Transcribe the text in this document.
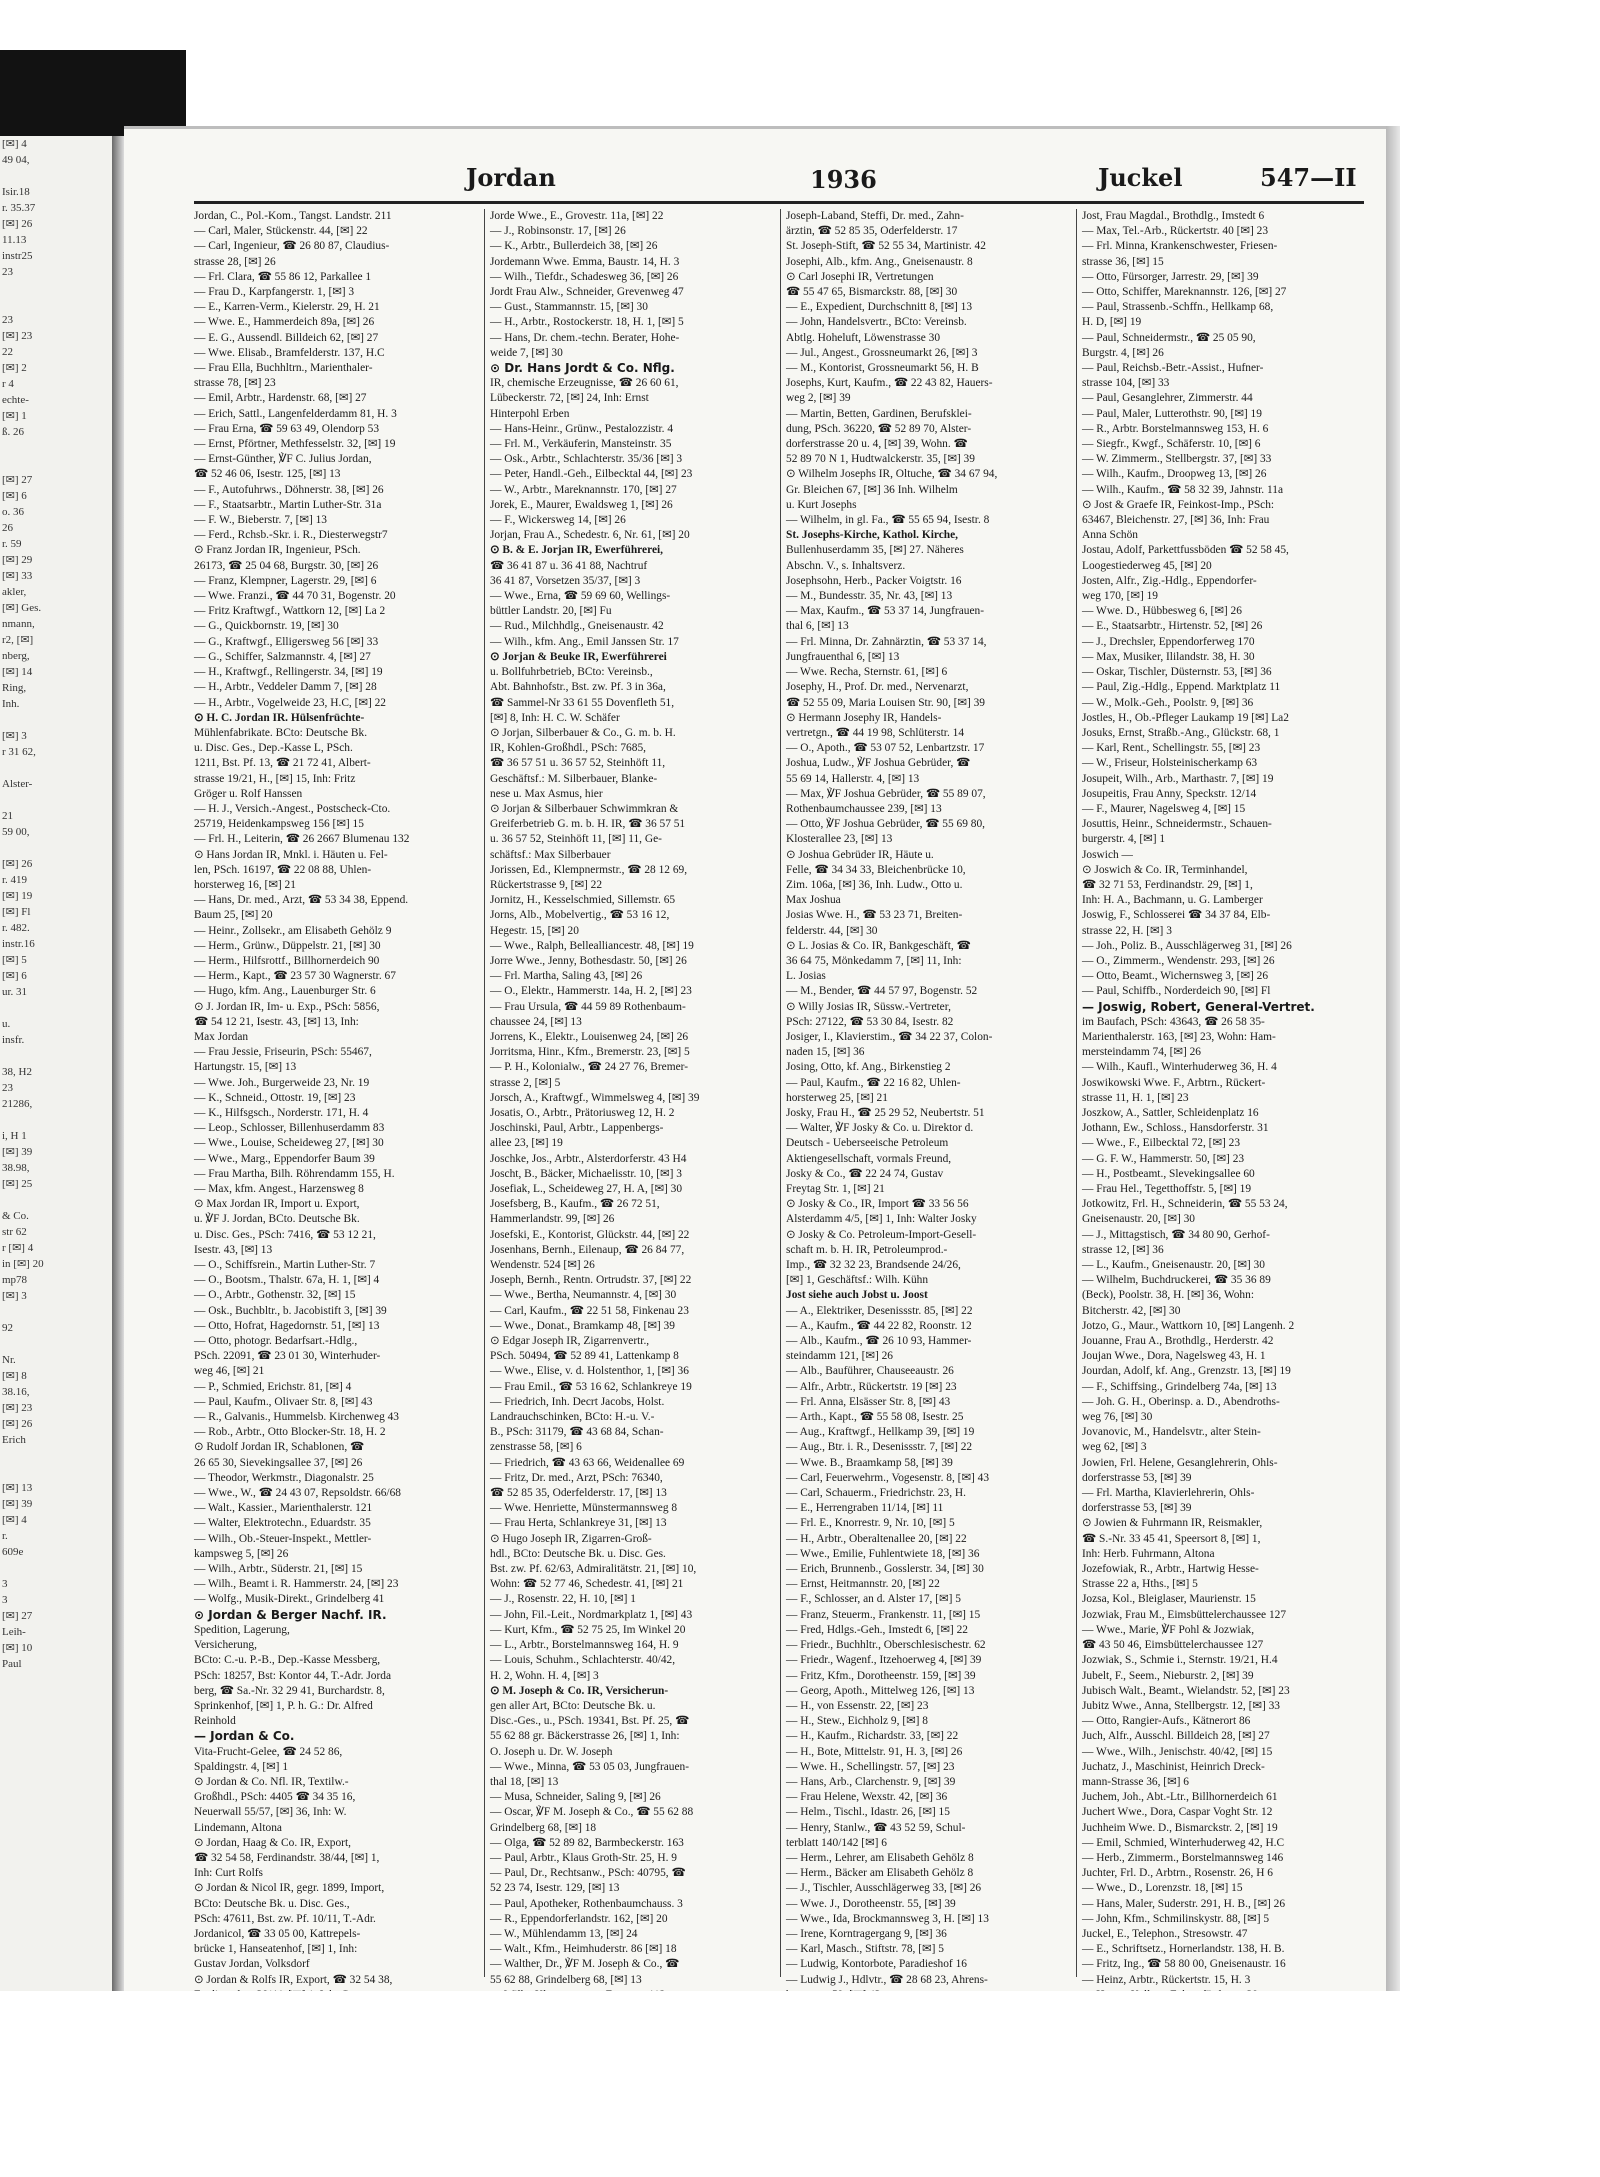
[✉] 4
49 04,

Isir.18
r. 35.37
[✉] 26
11.13
instr25
23

23
[✉] 23
22
[✉] 2
r 4
echte-
[✉] 1
ß. 26

[✉] 27
[✉] 6
o. 36
26
r. 59
[✉] 29
[✉] 33
akler,
[✉] Ges.
nmann,
r2, [✉]
nberg,
[✉] 14
Ring,
Inh.

[✉] 3
r 31 62,

Alster-

21
59 00,

[✉] 26
r. 419
[✉] 19
[✉] Fl
r. 482.
instr.16
[✉] 5
[✉] 6
ur. 31

u.
insfr.

38, H2
23
21286,

i, H 1
[✉] 39
38.98,
[✉] 25

& Co.
str 62
r [✉] 4
in [✉] 20
mp78
[✉] 3

92

Nr.
[✉] 8
38.16,
[✉] 23
[✉] 26
Erich

[✉] 13
[✉] 39
[✉] 4
r.
609e

3
3
[✉] 27
Leih-
[✉] 10
Paul
Jordan	1936	Juckel	547—II
Jordan, C., Pol.-Kom., Tangst. Landstr. 211
— Carl, Maler, Stückenstr. 44, [✉] 22
— Carl, Ingenieur, ☎ 26 80 87, Claudius-
strasse 28, [✉] 26
— Frl. Clara, ☎ 55 86 12, Parkallee 1
— Frau D., Karpfangerstr. 1, [✉] 3
— E., Karren-Verm., Kielerstr. 29, H. 21
— Wwe. E., Hammerdeich 89a, [✉] 26
— E. G., Aussendl. Billdeich 62, [✉] 27
— Wwe. Elisab., Bramfelderstr. 137, H.C
— Frau Ella, Buchhltrn., Marienthaler-
strasse 78, [✉] 23
— Emil, Arbtr., Hardenstr. 68, [✉] 27
— Erich, Sattl., Langenfelderdamm 81, H. 3
— Frau Erna, ☎ 59 63 49, Olendorp 53
— Ernst, Pförtner, Methfesselstr. 32, [✉] 19
— Ernst-Günther, ℣F C. Julius Jordan,
☎ 52 46 06, Isestr. 125, [✉] 13
— F., Autofuhrws., Döhnerstr. 38, [✉] 26
— F., Staatsarbtr., Martin Luther-Str. 31a
— F. W., Bieberstr. 7, [✉] 13
— Ferd., Rchsb.-Skr. i. R., Diesterwegstr7
⊙ Franz Jordan IR, Ingenieur, PSch.
26173, ☎ 25 04 68, Burgstr. 30, [✉] 26
— Franz, Klempner, Lagerstr. 29, [✉] 6
— Wwe. Franzi., ☎ 44 70 31, Bogenstr. 20
— Fritz Kraftwgf., Wattkorn 12, [✉] La 2
— G., Quickbornstr. 19, [✉] 30
— G., Kraftwgf., Elligersweg 56 [✉] 33
— G., Schiffer, Salzmannstr. 4, [✉] 27
— H., Kraftwgf., Rellingerstr. 34, [✉] 19
— H., Arbtr., Veddeler Damm 7, [✉] 28
— H., Arbtr., Vogelweide 23, H.C, [✉] 22
⊙ H. C. Jordan IR. Hülsenfrüchte-
Mühlenfabrikate. BCto: Deutsche Bk.
u. Disc. Ges., Dep.-Kasse L, PSch.
1211, Bst. Pf. 13, ☎ 21 72 41, Albert-
strasse 19/21, H., [✉] 15, Inh: Fritz
Gröger u. Rolf Hanssen
— H. J., Versich.-Angest., Postscheck-Cto.
25719, Heidenkampsweg 156 [✉] 15
— Frl. H., Leiterin, ☎ 26 2667 Blumenau 132
⊙ Hans Jordan IR, Mnkl. i. Häuten u. Fel-
len, PSch. 16197, ☎ 22 08 88, Uhlen-
horsterweg 16, [✉] 21
— Hans, Dr. med., Arzt, ☎ 53 34 38, Eppend.
Baum 25, [✉] 20
— Heinr., Zollsekr., am Elisabeth Gehölz 9
— Herm., Grünw., Düppelstr. 21, [✉] 30
— Herm., Hilfsrottf., Billhornerdeich 90
— Herm., Kapt., ☎ 23 57 30 Wagnerstr. 67
— Hugo, kfm. Ang., Lauenburger Str. 6
⊙ J. Jordan IR, Im- u. Exp., PSch: 5856,
☎ 54 12 21, Isestr. 43, [✉] 13, Inh:
Max Jordan
— Frau Jessie, Friseurin, PSch: 55467,
Hartungstr. 15, [✉] 13
— Wwe. Joh., Burgerweide 23, Nr. 19
— K., Schneid., Ottostr. 19, [✉] 23
— K., Hilfsgsch., Norderstr. 171, H. 4
— Leop., Schlosser, Billenhuserdamm 83
— Wwe., Louise, Scheideweg 27, [✉] 30
— Wwe., Marg., Eppendorfer Baum 39
— Frau Martha, Bilh. Röhrendamm 155, H.
— Max, kfm. Angest., Harzensweg 8
⊙ Max Jordan IR, Import u. Export,
u. ℣F J. Jordan, BCto. Deutsche Bk.
u. Disc. Ges., PSch: 7416, ☎ 53 12 21,
Isestr. 43, [✉] 13
— O., Schiffsrein., Martin Luther-Str. 7
— O., Bootsm., Thalstr. 67a, H. 1, [✉] 4
— O., Arbtr., Gothenstr. 32, [✉] 15
— Osk., Buchbltr., b. Jacobistift 3, [✉] 39
— Otto, Hofrat, Hagedornstr. 51, [✉] 13
— Otto, photogr. Bedarfsart.-Hdlg.,
PSch. 22091, ☎ 23 01 30, Winterhuder-
weg 46, [✉] 21
— P., Schmied, Erichstr. 81, [✉] 4
— Paul, Kaufm., Olivaer Str. 8, [✉] 43
— R., Galvanis., Hummelsb. Kirchenweg 43
— Rob., Arbtr., Otto Blocker-Str. 18, H. 2
⊙ Rudolf Jordan IR, Schablonen, ☎
26 65 30, Sievekingsallee 37, [✉] 26
— Theodor, Werkmstr., Diagonalstr. 25
— Wwe., W., ☎ 24 43 07, Repsoldstr. 66/68
— Walt., Kassier., Marienthalerstr. 121
— Walter, Elektrotechn., Eduardstr. 35
— Wilh., Ob.-Steuer-Inspekt., Mettler-
kampsweg 5, [✉] 26
— Wilh., Arbtr., Süderstr. 21, [✉] 15
— Wilh., Beamt i. R. Hammerstr. 24, [✉] 23
— Wolfg., Musik-Direkt., Grindelberg 41
⊙ Jordan & Berger Nachf. IR.
Spedition, Lagerung,
Versicherung,
BCto: C.-u. P.-B., Dep.-Kasse Messberg,
PSch: 18257, Bst: Kontor 44, T.-Adr. Jorda
berg, ☎ Sa.-Nr. 32 29 41, Burchardstr. 8,
Sprinkenhof, [✉] 1, P. h. G.: Dr. Alfred
Reinhold
— Jordan & Co.
Vita-Frucht-Gelee, ☎ 24 52 86,
Spaldingstr. 4, [✉] 1
⊙ Jordan & Co. Nfl. IR, Textilw.-
Großhdl., PSch: 4405 ☎ 34 35 16,
Neuerwall 55/57, [✉] 36, Inh: W.
Lindemann, Altona
⊙ Jordan, Haag & Co. IR, Export,
☎ 32 54 58, Ferdinandstr. 38/44, [✉] 1,
Inh: Curt Rolfs
⊙ Jordan & Nicol IR, gegr. 1899, Import,
BCto: Deutsche Bk. u. Disc. Ges.,
PSch: 47611, Bst. zw. Pf. 10/11, T.-Adr.
Jordanicol, ☎ 33 05 00, Kattrepels-
brücke 1, Hanseatenhof, [✉] 1, Inh:
Gustav Jordan, Volksdorf
⊙ Jordan & Rolfs IR, Export, ☎ 32 54 38,
Jorde Wwe., E., Grovestr. 11a, [✉] 22
— J., Robinsonstr. 17, [✉] 26
— K., Arbtr., Bullerdeich 38, [✉] 26
Jordemann Wwe. Emma, Baustr. 14, H. 3
— Wilh., Tiefdr., Schadesweg 36, [✉] 26
Jordt Frau Alw., Schneider, Grevenweg 47
— Gust., Stammannstr. 15, [✉] 30
— H., Arbtr., Rostockerstr. 18, H. 1, [✉] 5
— Hans, Dr. chem.-techn. Berater, Hohe-
weide 7, [✉] 30
⊙ Dr. Hans Jordt & Co. Nflg.
IR, chemische Erzeugnisse, ☎ 26 60 61,
Lübeckerstr. 72, [✉] 24, Inh: Ernst
Hinterpohl Erben
— Hans-Heinr., Grünw., Pestalozzistr. 4
— Frl. M., Verkäuferin, Mansteinstr. 35
— Osk., Arbtr., Schlachterstr. 35/36 [✉] 3
— Peter, Handl.-Geh., Eilbecktal 44, [✉] 23
— W., Arbtr., Mareknannstr. 170, [✉] 27
Jorek, E., Maurer, Ewaldsweg 1, [✉] 26
— F., Wickersweg 14, [✉] 26
Jorjan, Frau A., Schedestr. 6, Nr. 61, [✉] 20
⊙ B. & E. Jorjan IR, Ewerführerei,
☎ 36 41 87 u. 36 41 88, Nachtruf
36 41 87, Vorsetzen 35/37, [✉] 3
— Wwe., Erna, ☎ 59 69 60, Wellings-
büttler Landstr. 20, [✉] Fu
— Rud., Milchhdlg., Gneisenaustr. 42
— Wilh., kfm. Ang., Emil Janssen Str. 17
⊙ Jorjan & Beuke IR, Ewerführerei
u. Bollfuhrbetrieb, BCto: Vereinsb.,
Abt. Bahnhofstr., Bst. zw. Pf. 3 in 36a,
☎ Sammel-Nr 33 61 55 Dovenfleth 51,
[✉] 8, Inh: H. C. W. Schäfer
⊙ Jorjan, Silberbauer & Co., G. m. b. H.
IR, Kohlen-Großhdl., PSch: 7685,
☎ 36 57 51 u. 36 57 52, Steinhöft 11,
Geschäftsf.: M. Silberbauer, Blanke-
nese u. Max Asmus, hier
⊙ Jorjan & Silberbauer Schwimmkran &
Greiferbetrieb G. m. b. H. IR, ☎ 36 57 51
u. 36 57 52, Steinhöft 11, [✉] 11, Ge-
schäftsf.: Max Silberbauer
Jorissen, Ed., Klempnermstr., ☎ 28 12 69,
Rückertstrasse 9, [✉] 22
Jornitz, H., Kesselschmied, Sillemstr. 65
Jorns, Alb., Mobelvertig., ☎ 53 16 12,
Hegestr. 15, [✉] 20
— Wwe., Ralph, Bellealliancestr. 48, [✉] 19
Jorre Wwe., Jenny, Bothesdastr. 50, [✉] 26
— Frl. Martha, Saling 43, [✉] 26
— O., Elektr., Hammerstr. 14a, H. 2, [✉] 23
— Frau Ursula, ☎ 44 59 89 Rothenbaum-
chaussee 24, [✉] 13
Jorrens, K., Elektr., Louisenweg 24, [✉] 26
Jorritsma, Hinr., Kfm., Bremerstr. 23, [✉] 5
— P. H., Kolonialw., ☎ 24 27 76, Bremer-
strasse 2, [✉] 5
Jorsch, A., Kraftwgf., Wimmelsweg 4, [✉] 39
Josatis, O., Arbtr., Prätoriusweg 12, H. 2
Joschinski, Paul, Arbtr., Lappenbergs-
allee 23, [✉] 19
Joschke, Jos., Arbtr., Alsterdorferstr. 43 H4
Joscht, B., Bäcker, Michaelisstr. 10, [✉] 3
Josefiak, L., Scheideweg 27, H. A, [✉] 30
Josefsberg, B., Kaufm., ☎ 26 72 51,
Hammerlandstr. 99, [✉] 26
Josefski, E., Kontorist, Glückstr. 44, [✉] 22
Josenhans, Bernh., Eilenaup, ☎ 26 84 77,
Wendenstr. 524 [✉] 26
Joseph, Bernh., Rentn. Ortrudstr. 37, [✉] 22
— Wwe., Bertha, Neumannstr. 4, [✉] 30
— Carl, Kaufm., ☎ 22 51 58, Finkenau 23
— Wwe., Donat., Bramkamp 48, [✉] 39
⊙ Edgar Joseph IR, Zigarrenvertr.,
PSch. 50494, ☎ 52 89 41, Lattenkamp 8
— Wwe., Elise, v. d. Holstenthor, 1, [✉] 36
— Frau Emil., ☎ 53 16 62, Schlankreye 19
— Friedrich, Inh. Decrt Jacobs, Holst.
Landrauchschinken, BCto: H.-u. V.-
B., PSch: 31179, ☎ 43 68 84, Schan-
zenstrasse 58, [✉] 6
— Friedrich, ☎ 43 63 66, Weidenallee 69
— Fritz, Dr. med., Arzt, PSch: 76340,
☎ 52 85 35, Oderfelderstr. 17, [✉] 13
— Wwe. Henriette, Münstermannsweg 8
— Frau Herta, Schlankreye 31, [✉] 13
⊙ Hugo Joseph IR, Zigarren-Groß-
hdl., BCto: Deutsche Bk. u. Disc. Ges.
Bst. zw. Pf. 62/63, Admiralitätstr. 21, [✉] 10,
Wohn: ☎ 52 77 46, Schedestr. 41, [✉] 21
— J., Rosenstr. 22, H. 10, [✉] 1
— John, Fil.-Leit., Nordmarkplatz 1, [✉] 43
— Kurt, Kfm., ☎ 52 75 25, Im Winkel 20
— L., Arbtr., Borstelmannsweg 164, H. 9
— Louis, Schuhm., Schlachterstr. 40/42,
H. 2, Wohn. H. 4, [✉] 3
⊙ M. Joseph & Co. IR, Versicherun-
gen aller Art, BCto: Deutsche Bk. u.
Disc.-Ges., u., PSch. 19341, Bst. Pf. 25, ☎
55 62 88 gr. Bäckerstrasse 26, [✉] 1, Inh:
O. Joseph u. Dr. W. Joseph
— Wwe., Minna, ☎ 53 05 03, Jungfrauen-
thal 18, [✉] 13
— Musa, Schneider, Saling 9, [✉] 26
— Oscar, ℣F M. Joseph & Co., ☎ 55 62 88
Grindelberg 68, [✉] 18
— Olga, ☎ 52 89 82, Barmbeckerstr. 163
— Paul, Arbtr., Klaus Groth-Str. 25, H. 9
— Paul, Dr., Rechtsanw., PSch: 40795, ☎
52 23 74, Isestr. 129, [✉] 13
— Paul, Apotheker, Rothenbaumchauss. 3
— R., Eppendorferlandstr. 162, [✉] 20
— W., Mühlendamm 13, [✉] 24
— Walt., Kfm., Heimhuderstr. 86 [✉] 18
— Walther, Dr., ℣F M. Joseph & Co., ☎
55 62 88, Grindelberg 68, [✉] 13
Joseph-Laband, Steffi, Dr. med., Zahn-
ärztin, ☎ 52 85 35, Oderfelderstr. 17
St. Joseph-Stift, ☎ 52 55 34, Martinistr. 42
Josephi, Alb., kfm. Ang., Gneisenaustr. 8
⊙ Carl Josephi IR, Vertretungen
☎ 55 47 65, Bismarckstr. 88, [✉] 30
— E., Expedient, Durchschnitt 8, [✉] 13
— John, Handelsvertr., BCto: Vereinsb.
Abtlg. Hoheluft, Löwenstrasse 30
— Jul., Angest., Grossneumarkt 26, [✉] 3
— M., Kontorist, Grossneumarkt 56, H. B
Josephs, Kurt, Kaufm., ☎ 22 43 82, Hauers-
weg 2, [✉] 39
— Martin, Betten, Gardinen, Berufsklei-
dung, PSch. 36220, ☎ 52 89 70, Alster-
dorferstrasse 20 u. 4, [✉] 39, Wohn. ☎
52 89 70 N 1, Hudtwalckerstr. 35, [✉] 39
⊙ Wilhelm Josephs IR, Oltuche, ☎ 34 67 94,
Gr. Bleichen 67, [✉] 36 Inh. Wilhelm
u. Kurt Josephs
— Wilhelm, in gl. Fa., ☎ 55 65 94, Isestr. 8
St. Josephs-Kirche, Kathol. Kirche,
Bullenhuserdamm 35, [✉] 27. Näheres
Abschn. V., s. Inhaltsverz.
Josephsohn, Herb., Packer Voigtstr. 16
— M., Bundesstr. 35, Nr. 43, [✉] 13
— Max, Kaufm., ☎ 53 37 14, Jungfrauen-
thal 6, [✉] 13
— Frl. Minna, Dr. Zahnärztin, ☎ 53 37 14,
Jungfrauenthal 6, [✉] 13
— Wwe. Recha, Sternstr. 61, [✉] 6
Josephy, H., Prof. Dr. med., Nervenarzt,
☎ 52 55 09, Maria Louisen Str. 90, [✉] 39
⊙ Hermann Josephy IR, Handels-
vertretgn., ☎ 44 19 98, Schlüterstr. 14
— O., Apoth., ☎ 53 07 52, Lenbartzstr. 17
Joshua, Ludw., ℣F Joshua Gebrüder, ☎
55 69 14, Hallerstr. 4, [✉] 13
— Max, ℣F Joshua Gebrüder, ☎ 55 89 07,
Rothenbaumchaussee 239, [✉] 13
— Otto, ℣F Joshua Gebrüder, ☎ 55 69 80,
Klosterallee 23, [✉] 13
⊙ Joshua Gebrüder IR, Häute u.
Felle, ☎ 34 34 33, Bleichenbrücke 10,
Zim. 106a, [✉] 36, Inh. Ludw., Otto u.
Max Joshua
Josias Wwe. H., ☎ 53 23 71, Breiten-
felderstr. 44, [✉] 30
⊙ L. Josias & Co. IR, Bankgeschäft, ☎
36 64 75, Mönkedamm 7, [✉] 11, Inh:
L. Josias
— M., Bender, ☎ 44 57 97, Bogenstr. 52
⊙ Willy Josias IR, Süssw.-Vertreter,
PSch: 27122, ☎ 53 30 84, Isestr. 82
Josiger, I., Klavierstim., ☎ 34 22 37, Colon-
naden 15, [✉] 36
Josing, Otto, kf. Ang., Birkenstieg 2
— Paul, Kaufm., ☎ 22 16 82, Uhlen-
horsterweg 25, [✉] 21
Josky, Frau H., ☎ 25 29 52, Neubertstr. 51
— Walter, ℣F Josky & Co. u. Direktor d.
Deutsch - Ueberseeische Petroleum
Aktiengesellschaft, vormals Freund,
Josky & Co., ☎ 22 24 74, Gustav
Freytag Str. 1, [✉] 21
⊙ Josky & Co., IR, Import ☎ 33 56 56
Alsterdamm 4/5, [✉] 1, Inh: Walter Josky
⊙ Josky & Co. Petroleum-Import-Gesell-
schaft m. b. H. IR, Petroleumprod.-
Imp., ☎ 32 32 23, Brandsende 24/26,
[✉] 1, Geschäftsf.: Wilh. Kühn
Jost siehe auch Jobst u. Joost
— A., Elektriker, Desenissstr. 85, [✉] 22
— A., Kaufm., ☎ 44 22 82, Roonstr. 12
— Alb., Kaufm., ☎ 26 10 93, Hammer-
steindamm 121, [✉] 26
— Alb., Bauführer, Chauseeaustr. 26
— Alfr., Arbtr., Rückertstr. 19 [✉] 23
— Frl. Anna, Elsässer Str. 8, [✉] 43
— Arth., Kapt., ☎ 55 58 08, Isestr. 25
— Aug., Kraftwgf., Hellkamp 39, [✉] 19
— Aug., Btr. i. R., Desenissstr. 7, [✉] 22
— Wwe. B., Braamkamp 58, [✉] 39
— Carl, Feuerwehrm., Vogesenstr. 8, [✉] 43
— Carl, Schauerm., Friedrichstr. 23, H.
— E., Herrengraben 11/14, [✉] 11
— Frl. E., Knorrestr. 9, Nr. 10, [✉] 5
— H., Arbtr., Oberaltenallee 20, [✉] 22
— Wwe., Emilie, Fuhlentwiete 18, [✉] 36
— Erich, Brunnenb., Gosslerstr. 34, [✉] 30
— Ernst, Heitmannstr. 20, [✉] 22
— F., Schlosser, an d. Alster 17, [✉] 5
— Franz, Steuerm., Frankenstr. 11, [✉] 15
— Fred, Hdlgs.-Geh., Imstedt 6, [✉] 22
— Friedr., Buchhltr., Oberschlesischestr. 62
— Friedr., Wagenf., Itzehoerweg 4, [✉] 39
— Fritz, Kfm., Dorotheenstr. 159, [✉] 39
— Georg, Apoth., Mittelweg 126, [✉] 13
— H., von Essenstr. 22, [✉] 23
— H., Stew., Eichholz 9, [✉] 8
— H., Kaufm., Richardstr. 33, [✉] 22
— H., Bote, Mittelstr. 91, H. 3, [✉] 26
— Wwe. H., Schellingstr. 57, [✉] 23
— Hans, Arb., Clarchenstr. 9, [✉] 39
— Frau Helene, Wexstr. 42, [✉] 36
— Helm., Tischl., Idastr. 26, [✉] 15
— Henry, Stanlw., ☎ 43 52 59, Schul-
terblatt 140/142 [✉] 6
— Herm., Lehrer, am Elisabeth Gehölz 8
— Herm., Bäcker am Elisabeth Gehölz 8
— J., Tischler, Ausschlägerweg 33, [✉] 26
— Wwe. J., Dorotheenstr. 55, [✉] 39
— Wwe., Ida, Brockmannsweg 3, H. [✉] 13
— Irene, Korntragergang 9, [✉] 36
— Karl, Masch., Stiftstr. 78, [✉] 5
— Ludwig, Kontorbote, Paradieshof 16
— Ludwig J., Hdlvtr., ☎ 28 68 23, Ahrens-
Jost, Frau Magdal., Brothdlg., Imstedt 6
— Max, Tel.-Arb., Rückertstr. 40 [✉] 23
— Frl. Minna, Krankenschwester, Friesen-
strasse 36, [✉] 15
— Otto, Fürsorger, Jarrestr. 29, [✉] 39
— Otto, Schiffer, Mareknannstr. 126, [✉] 27
— Paul, Strassenb.-Schffn., Hellkamp 68,
H. D, [✉] 19
— Paul, Schneidermstr., ☎ 25 05 90,
Burgstr. 4, [✉] 26
— Paul, Reichsb.-Betr.-Assist., Hufner-
strasse 104, [✉] 33
— Paul, Gesanglehrer, Zimmerstr. 44
— Paul, Maler, Lutterothstr. 90, [✉] 19
— R., Arbtr. Borstelmannsweg 153, H. 6
— Siegfr., Kwgf., Schäferstr. 10, [✉] 6
— W. Zimmerm., Stellbergstr. 37, [✉] 33
— Wilh., Kaufm., Droopweg 13, [✉] 26
— Wilh., Kaufm., ☎ 58 32 39, Jahnstr. 11a
⊙ Jost & Graefe IR, Feinkost-Imp., PSch:
63467, Bleichenstr. 27, [✉] 36, Inh: Frau
Anna Schön
Jostau, Adolf, Parkettfussböden ☎ 52 58 45,
Loogestiederweg 45, [✉] 20
Josten, Alfr., Zig.-Hdlg., Eppendorfer-
weg 170, [✉] 19
— Wwe. D., Hübbesweg 6, [✉] 26
— E., Staatsarbtr., Hirtenstr. 52, [✉] 26
— J., Drechsler, Eppendorferweg 170
— Max, Musiker, Ililandstr. 38, H. 30
— Oskar, Tischler, Düsternstr. 53, [✉] 36
— Paul, Zig.-Hdlg., Eppend. Marktplatz 11
— W., Molk.-Geh., Poolstr. 9, [✉] 36
Jostles, H., Ob.-Pfleger Laukamp 19 [✉] La2
Josuks, Ernst, Straßb.-Ang., Glückstr. 68, 1
— Karl, Rent., Schellingstr. 55, [✉] 23
— W., Friseur, Holsteinischerkamp 63
Josupeit, Wilh., Arb., Marthastr. 7, [✉] 19
Josupeitis, Frau Anny, Speckstr. 12/14
— F., Maurer, Nagelsweg 4, [✉] 15
Josuttis, Heinr., Schneidermstr., Schauen-
burgerstr. 4, [✉] 1
Joswich —
⊙ Joswich & Co. IR, Terminhandel,
☎ 32 71 53, Ferdinandstr. 29, [✉] 1,
Inh: H. A., Bachmann, u. G. Lamberger
Joswig, F., Schlosserei ☎ 34 37 84, Elb-
strasse 22, H. [✉] 3
— Joh., Poliz. B., Ausschlägerweg 31, [✉] 26
— O., Zimmerm., Wendenstr. 293, [✉] 26
— Otto, Beamt., Wichernsweg 3, [✉] 26
— Paul, Schiffb., Norderdeich 90, [✉] Fl
— Joswig, Robert, General-Vertret.
im Baufach, PSch: 43643, ☎ 26 58 35-
Marienthalerstr. 163, [✉] 23, Wohn: Ham-
mersteindamm 74, [✉] 26
— Wilh., Kaufl., Winterhuderweg 36, H. 4
Joswikowski Wwe. F., Arbtrn., Rückert-
strasse 11, H. 1, [✉] 23
Joszkow, A., Sattler, Schleidenplatz 16
Jothann, Ew., Schloss., Hansdorferstr. 31
— Wwe., F., Eilbecktal 72, [✉] 23
— G. F. W., Hammerstr. 50, [✉] 23
— H., Postbeamt., Slevekingsallee 60
— Frau Hel., Tegetthoffstr. 5, [✉] 19
Jotkowitz, Frl. H., Schneiderin, ☎ 55 53 24,
Gneisenaustr. 20, [✉] 30
— J., Mittagstisch, ☎ 34 80 90, Gerhof-
strasse 12, [✉] 36
— L., Kaufm., Gneisenaustr. 20, [✉] 30
— Wilhelm, Buchdruckerei, ☎ 35 36 89
(Beck), Poolstr. 38, H. [✉] 36, Wohn:
Bitcherstr. 42, [✉] 30
Jotzo, G., Maur., Wattkorn 10, [✉] Langenh. 2
Jouanne, Frau A., Brothdlg., Herderstr. 42
Joujan Wwe., Dora, Nagelsweg 43, H. 1
Jourdan, Adolf, kf. Ang., Grenzstr. 13, [✉] 19
— F., Schiffsing., Grindelberg 74a, [✉] 13
— Joh. G. H., Oberinsp. a. D., Abendroths-
weg 76, [✉] 30
Jovanovic, M., Handelsvtr., alter Stein-
weg 62, [✉] 3
Jowien, Frl. Helene, Gesanglehrerin, Ohls-
dorferstrasse 53, [✉] 39
— Frl. Martha, Klavierlehrerin, Ohls-
dorferstrasse 53, [✉] 39
⊙ Jowien & Fuhrmann IR, Reismakler,
☎ S.-Nr. 33 45 41, Speersort 8, [✉] 1,
Inh: Herb. Fuhrmann, Altona
Jozefowiak, R., Arbtr., Hartwig Hesse-
Strasse 22 a, Hths., [✉] 5
Jozsa, Kol., Bleiglaser, Maurienstr. 15
Jozwiak, Frau M., Eimsbüttelerchaussee 127
— Wwe., Marie, ℣F Pohl & Jozwiak,
☎ 43 50 46, Eimsbüttelerchaussee 127
Jozwiak, S., Schmie i., Sternstr. 19/21, H.4
Jubelt, F., Seem., Nieburstr. 2, [✉] 39
Jubisch Walt., Beamt., Wielandstr. 52, [✉] 23
Jubitz Wwe., Anna, Stellbergstr. 12, [✉] 33
— Otto, Rangier-Aufs., Kätnerort 86
Juch, Alfr., Ausschl. Billdeich 28, [✉] 27
— Wwe., Wilh., Jenischstr. 40/42, [✉] 15
Juchatz, J., Maschinist, Heinrich Dreck-
mann-Strasse 36, [✉] 6
Juchem, Joh., Abt.-Ltr., Billhornerdeich 61
Juchert Wwe., Dora, Caspar Voght Str. 12
Juchheim Wwe. D., Bismarckstr. 2, [✉] 19
— Emil, Schmied, Winterhuderweg 42, H.C
— Herb., Zimmerm., Borstelmannsweg 146
Juchter, Frl. D., Arbtrn., Rosenstr. 26, H 6
— Wwe., D., Lorenzstr. 18, [✉] 15
— Hans, Maler, Suderstr. 291, H. B., [✉] 26
— John, Kfm., Schmilinskystr. 88, [✉] 5
Juckel, E., Telephon., Stresowstr. 47
— E., Schriftsetz., Hornerlandstr. 138, H. B.
— Fritz, Ing., ☎ 58 80 00, Gneisenaustr. 16
— Heinz, Arbtr., Rückertstr. 15, H. 3
